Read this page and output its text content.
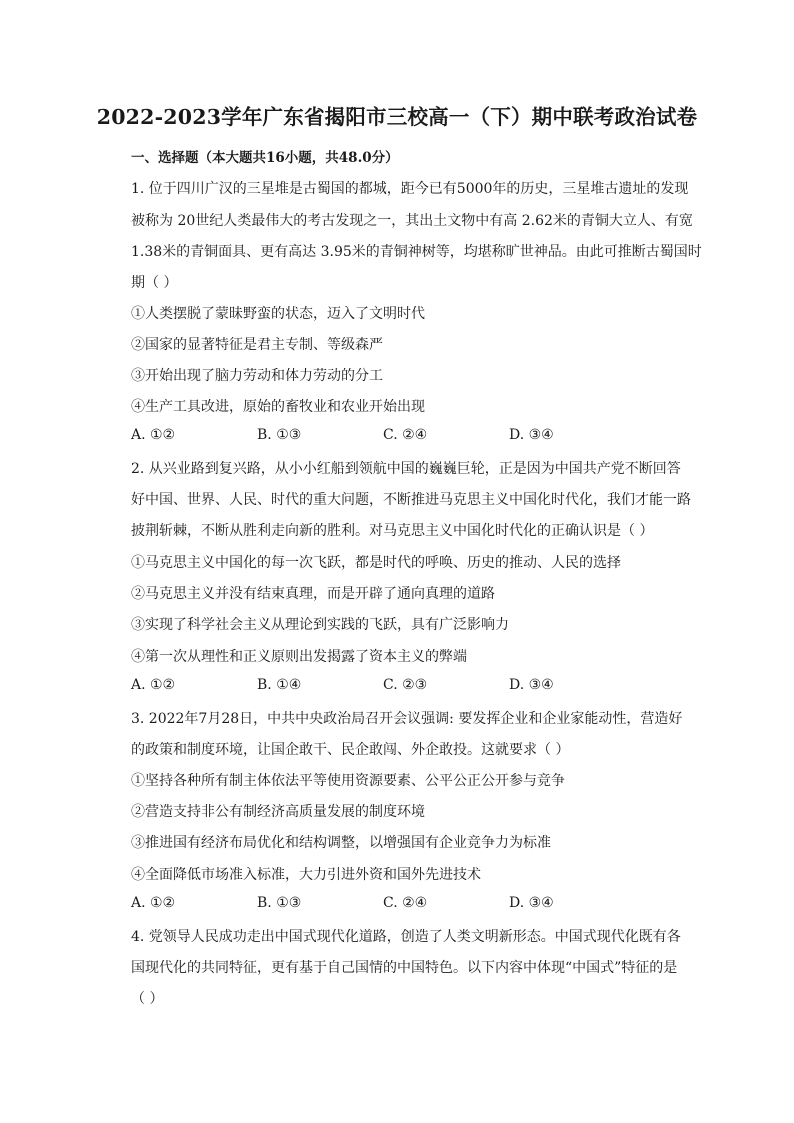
2022-2023学年广东省揭阳市三校高一（下）期中联考政治试卷
一、选择题（本大题共16小题，共48.0分）
1. 位于四川广汉的三星堆是古蜀国的都城，距今已有5000年的历史，三星堆古遗址的发现
被称为 20世纪人类最伟大的考古发现之一，其出土文物中有高 2.62米的青铜大立人、有宽
1.38米的青铜面具、更有高达 3.95米的青铜神树等，均堪称旷世神品。由此可推断古蜀国时
期（ ）
①人类摆脱了蒙昧野蛮的状态，迈入了文明时代
②国家的显著特征是君主专制、等级森严
③开始出现了脑力劳动和体力劳动的分工
④生产工具改进，原始的畜牧业和农业开始出现
A. ①②	B. ①③	C. ②④	D. ③④
2. 从兴业路到复兴路，从小小红船到领航中国的巍巍巨轮，正是因为中国共产党不断回答
好中国、世界、人民、时代的重大问题，不断推进马克思主义中国化时代化，我们才能一路
披荆斩棘，不断从胜利走向新的胜利。对马克思主义中国化时代化的正确认识是（ ）
①马克思主义中国化的每一次飞跃，都是时代的呼唤、历史的推动、人民的选择
②马克思主义并没有结束真理，而是开辟了通向真理的道路
③实现了科学社会主义从理论到实践的飞跃，具有广泛影响力
④第一次从理性和正义原则出发揭露了资本主义的弊端
A. ①②	B. ①④	C. ②③	D. ③④
3. 2022年7月28日，中共中央政治局召开会议强调: 要发挥企业和企业家能动性，营造好
的政策和制度环境，让国企敢干、民企敢闯、外企敢投。这就要求（ ）
①坚持各种所有制主体依法平等使用资源要素、公平公正公开参与竞争
②营造支持非公有制经济高质量发展的制度环境
③推进国有经济布局优化和结构调整，以增强国有企业竞争力为标准
④全面降低市场准入标准，大力引进外资和国外先进技术
A. ①②	B. ①③	C. ②④	D. ③④
4. 党领导人民成功走出中国式现代化道路，创造了人类文明新形态。中国式现代化既有各
国现代化的共同特征，更有基于自己国情的中国特色。以下内容中体现“中国式”特征的是
（ ）
